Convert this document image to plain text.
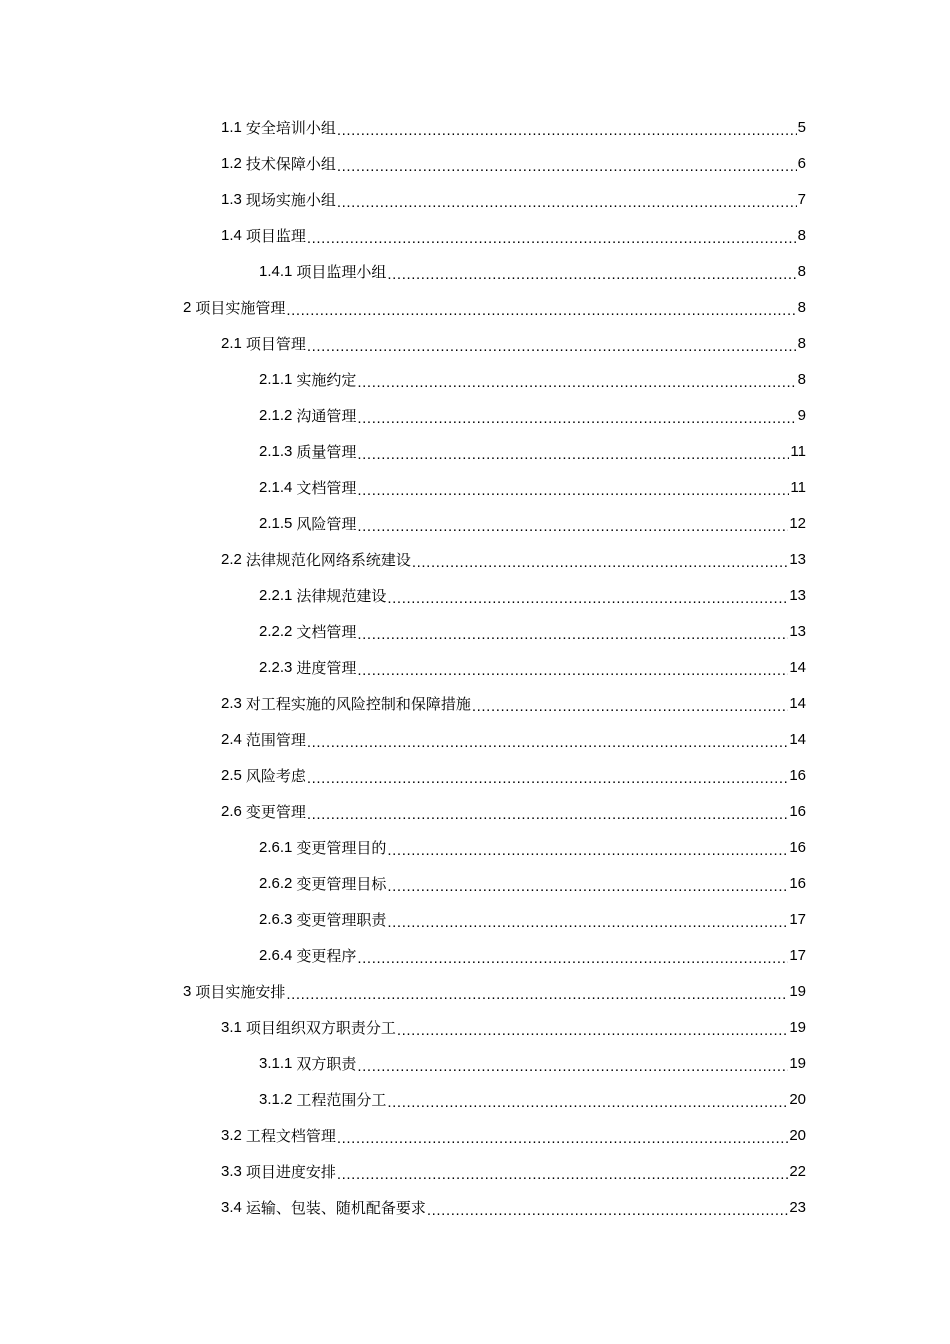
1.1 安全培训小组 .....	5
1.2 技术保障小组 .....	6
1.3 现场实施小组 .....	7
1.4 项目监理 .....	8
1.4.1 项目监理小组 .....	8
2 项目实施管理 .....	8
2.1 项目管理 .....	8
2.1.1 实施约定 .....	8
2.1.2 沟通管理 .....	9
2.1.3 质量管理 .....	11
2.1.4 文档管理 .....	11
2.1.5 风险管理 .....	12
2.2 法律规范化网络系统建设 .....	13
2.2.1 法律规范建设 .....	13
2.2.2 文档管理 .....	13
2.2.3 进度管理 .....	14
2.3 对工程实施的风险控制和保障措施 .....	14
2.4 范围管理 .....	14
2.5 风险考虑 .....	16
2.6 变更管理 .....	16
2.6.1 变更管理目的 .....	16
2.6.2 变更管理目标 .....	16
2.6.3 变更管理职责 .....	17
2.6.4 变更程序 .....	17
3 项目实施安排 .....	19
3.1 项目组织双方职责分工 .....	19
3.1.1 双方职责 .....	19
3.1.2 工程范围分工 .....	20
3.2 工程文档管理 .....	20
3.3 项目进度安排 .....	22
3.4 运输、包装、随机配备要求 .....	23
